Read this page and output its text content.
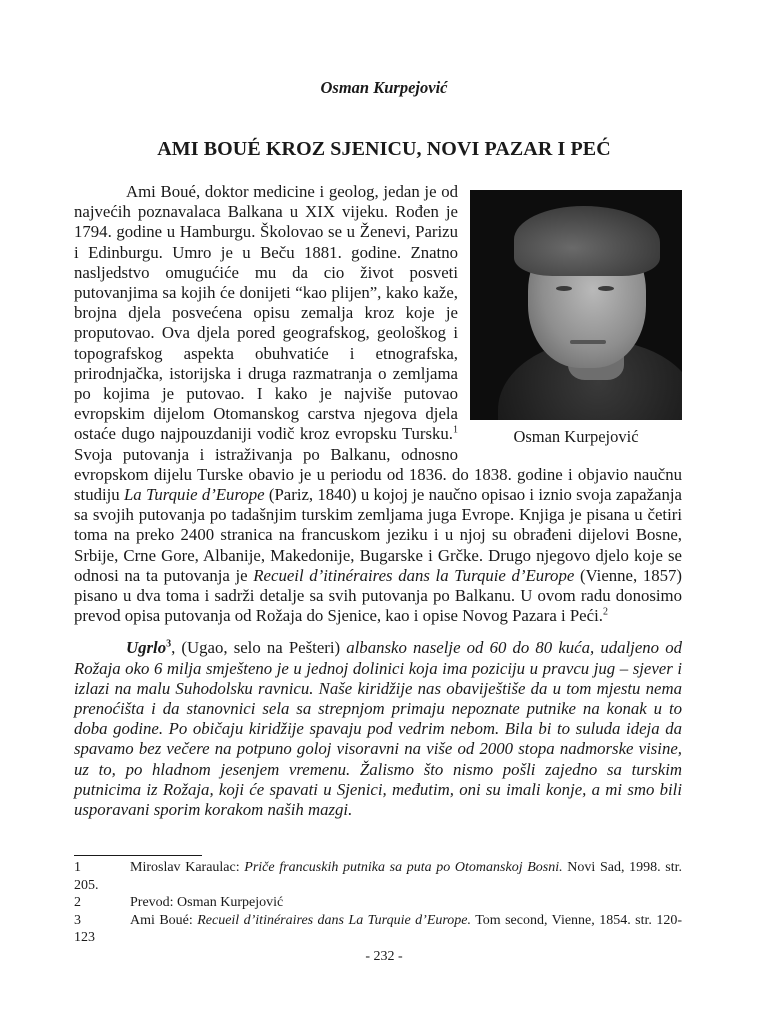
Osman Kurpejović
AMI BOUÉ KROZ SJENICU, NOVI PAZAR I PEĆ
Osman Kurpejović

Ami Boué, doktor medicine i geolog, jedan je od najvećih poznavalaca Balkana u XIX vijeku. Rođen je 1794. godine u Hamburgu. Školovao se u Ženevi, Parizu i Edinburgu. Umro je u Beču 1881. godine. Znatno nasljedstvo omugućiće mu da cio život posveti putovanjima sa kojih će donijeti “kao plijen”, kako kaže, brojna djela posvećena opisu zemalja kroz koje je proputovao. Ova djela pored geografskog, geološkog i topografskog aspekta obuhvatiće i etnografska, prirodnjačka, istorijska i druga razmatranja o zemljama po kojima je putovao. I kako je najviše putovao evropskim dijelom Otomanskog carstva njegova djela ostaće dugo najpouzdaniji vodič kroz evropsku Tursku.$^1$ Svoja putovanja i istraživanja po Balkanu, odnosno evropskom dijelu Turske obavio je u periodu od 1836. do 1838. godine i objavio naučnu studiju La Turquie d’Europe (Pariz, 1840) u kojoj je naučno opisao i iznio svoja zapažanja sa svojih putovanja po tadašnjim turskim zemljama juga Evrope. Knjiga je pisana u četiri toma na preko 2400 stranica na francuskom jeziku i u njoj su obrađeni dijelovi Bosne, Srbije, Crne Gore, Albanije, Makedonije, Bugarske i Grčke. Drugo njegovo djelo koje se odnosi na ta putovanja je Recueil d’itinéraires dans la Turquie d’Europe (Vienne, 1857) pisano u dva toma i sadrži detalje sa svih putovanja po Balkanu. U ovom radu donosimo prevod opisa putovanja od Rožaja do Sjenice, kao i opise Novog Pazara i Peći.$^2$

Ugrlo$^3$, (Ugao, selo na Pešteri) albansko naselje od 60 do 80 kuća, udaljeno od Rožaja oko 6 milja smješteno je u jednoj dolinici koja ima poziciju u pravcu jug – sjever i izlazi na malu Suhodolsku ravnicu. Naše kiridžije nas obaviještiše da u tom mjestu nema prenoćišta i da stanovnici sela sa strepnjom primaju nepoznate putnike na konak u to doba godine. Po običaju kiridžije spavaju pod vedrim nebom. Bila bi to suluda ideja da spavamo bez večere na potpuno goloj visoravni na više od 2000 stopa nadmorske visine, uz to, po hladnom jesenjem vremenu. Žalismo što nismo pošli zajedno sa turskim putnicima iz Rožaja, koji će spavati u Sjenici, međutim, oni su imali konje, a mi smo bili usporavani sporim korakom naših mazgi.

1	Miroslav Karaulac: Priče francuskih putnika sa puta po Otomanskoj Bosni. Novi Sad, 1998. str. 205.

2	Prevod: Osman Kurpejović

3	Ami Boué: Recueil d’itinéraires dans La Turquie d’Europe. Tom second, Vienne, 1854. str. 120-123

- 232 -
